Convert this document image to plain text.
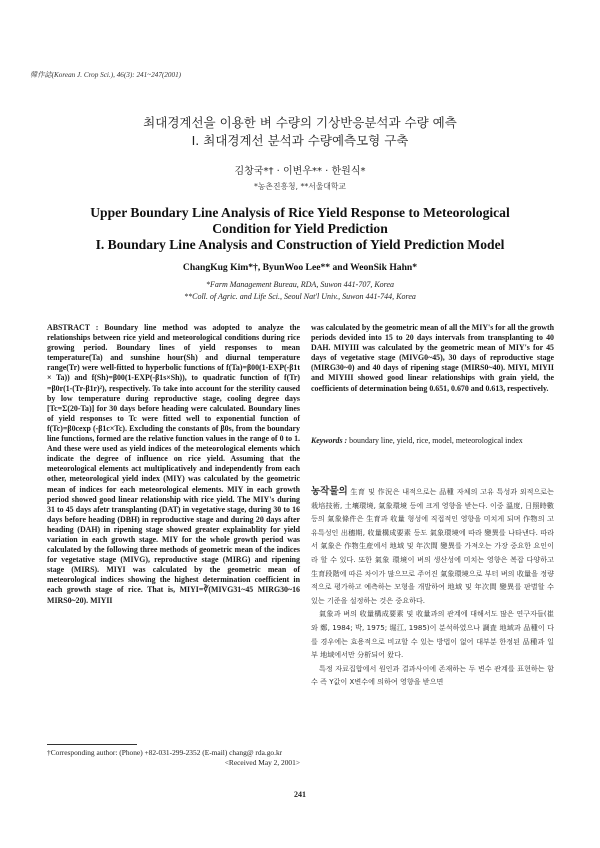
韓作誌(Korean J. Crop Sci.), 46(3): 241~247(2001)
최대경계선을 이용한 벼 수량의 기상반응분석과 수량 예측
I. 최대경계선 분석과 수량예측모형 구축
김창국*† · 이변우** · 한원식*
*농촌진흥청, **서울대학교
Upper Boundary Line Analysis of Rice Yield Response to Meteorological
Condition for Yield Prediction
I. Boundary Line Analysis and Construction of Yield Prediction Model
ChangKug Kim*†, ByunWoo Lee** and WeonSik Hahn*
*Farm Management Bureau, RDA, Suwon 441-707, Korea
**Coll. of Agric. and Life Sci., Seoul Nat'l Univ., Suwon 441-744, Korea
ABSTRACT : Boundary line method was adopted to analyze the relationships between rice yield and meteorological conditions during rice growing period. Boundary lines of yield responses to mean temperature(Ta) and sunshine hour(Sh) and diurnal temperature range(Tr) were well-fitted to hyperbolic functions of f(Ta)=β00(1-EXP(-β1t × Ta)) and f(Sh)=β00(1-EXP(-β1s×Sh)), to quadratic function of f(Tr) =β0r(1-(Tr-β1r)²), respectively. To take into account for the sterility caused by low temperature during reproductive stage, cooling degree days [Tc=Σ(20-Ta)] for 30 days before heading were calculated. Boundary lines of yield responses to Tc were fitted well to exponential function of f(Tc)=β0cexp (-β1c×Tc). Excluding the constants of β0s, from the boundary line functions, formed are the relative function values in the range of 0 to 1. And these were used as yield indices of the meteorological elements which indicate the degree of influence on rice yield. Assuming that the meteorological elements act multiplicatively and independently from each other, meteorological yield index (MIY) was calculated by the geometric mean of indices for each meteorological elements. MIY in each growth period showed good linear relationship with rice yield. The MIY's during 31 to 45 days afetr transplanting (DAT) in vegetative stage, during 30 to 16 days before heading (DBH) in reproductive stage and during 20 days after heading (DAH) in ripening stage showed greater explainablity for yield variation in each growth stage. MIY for the whole growth period was calculated by the following three methods of geometric mean of the indices for vegetative stage (MIVG), reproductive stage (MIRG) and ripening stage (MIRS). MIYI was calculated by the geometric mean of meteorological indices showing the highest determination coefficient in each growth stage of rice. That is, MIYI=∛(MIVG31~45 MIRG30~16 MIRS0~20). MIYII
was calculated by the geometric mean of all the MIY's for all the growth periods devided into 15 to 20 days intervals from transplanting to 40 DAH. MIYIII was calculated by the geometric mean of MIY's for 45 days of vegetative stage (MIVG0~45), 30 days of reproductive stage (MIRG30~0) and 40 days of ripening stage (MIRS0~40). MIYI, MIYII and MIYIII showed good linear relationships with grain yield, the coefficients of determination being 0.651, 0.670 and 0.613, respectively.
Keywords : boundary line, yield, rice, model, meteorological index

농작물의 生育 및 作況은 내적으로는 品種 자체의 고유 특성과 외적으로는 栽培技術, 土壤環境, 氣象環境 등에 크게 영향을 받는다. 이중 溫度, 日照時數 등의 氣象條件은 生育과 收量 형성에 직접적인 영향을 미치게 되며 作物의 고유특성인 出穗期, 收量構成要素 등도 氣象環境에 따라 變異를 나타낸다. 따라서 氣象은 作物生産에서 地域 및 年次間 變異를 가져오는 가장 중요한 요인이라 할 수 있다. 또한 氣象 環境이 벼의 생산성에 미치는 영향은 복잡 다양하고 生育段階에 따른 차이가 많으므로 주어진 氣象環境으로 부터 벼의 收量을 정량적으로 평가하고 예측하는 모형을 개발하여 地域 및 年次間 變異를 판별할 수 있는 기준을 설정하는 것은 중요하다.

氣象과 벼의 收量構成要素 및 收量과의 관계에 대해서도 많은 연구자들(崔와 鄭, 1984; 박, 1975; 堀江, 1985)이 분석하였으나 調査 地域과 品種이 다를 경우에는 효용적으로 비교할 수 있는 방법이 없어 대부분 한정된 品種과 일부 地域에서만 分析되어 왔다.

특정 자료집합에서 원인과 결과사이에 존재하는 두 변수 관계를 표현하는 함수 즉 Y값이 X변수에 의하여 영향을 받으면

†Corresponding author: (Phone) +82-031-299-2352 (E-mail) chang@ rda.go.kr
<Received May 2, 2001>
241
